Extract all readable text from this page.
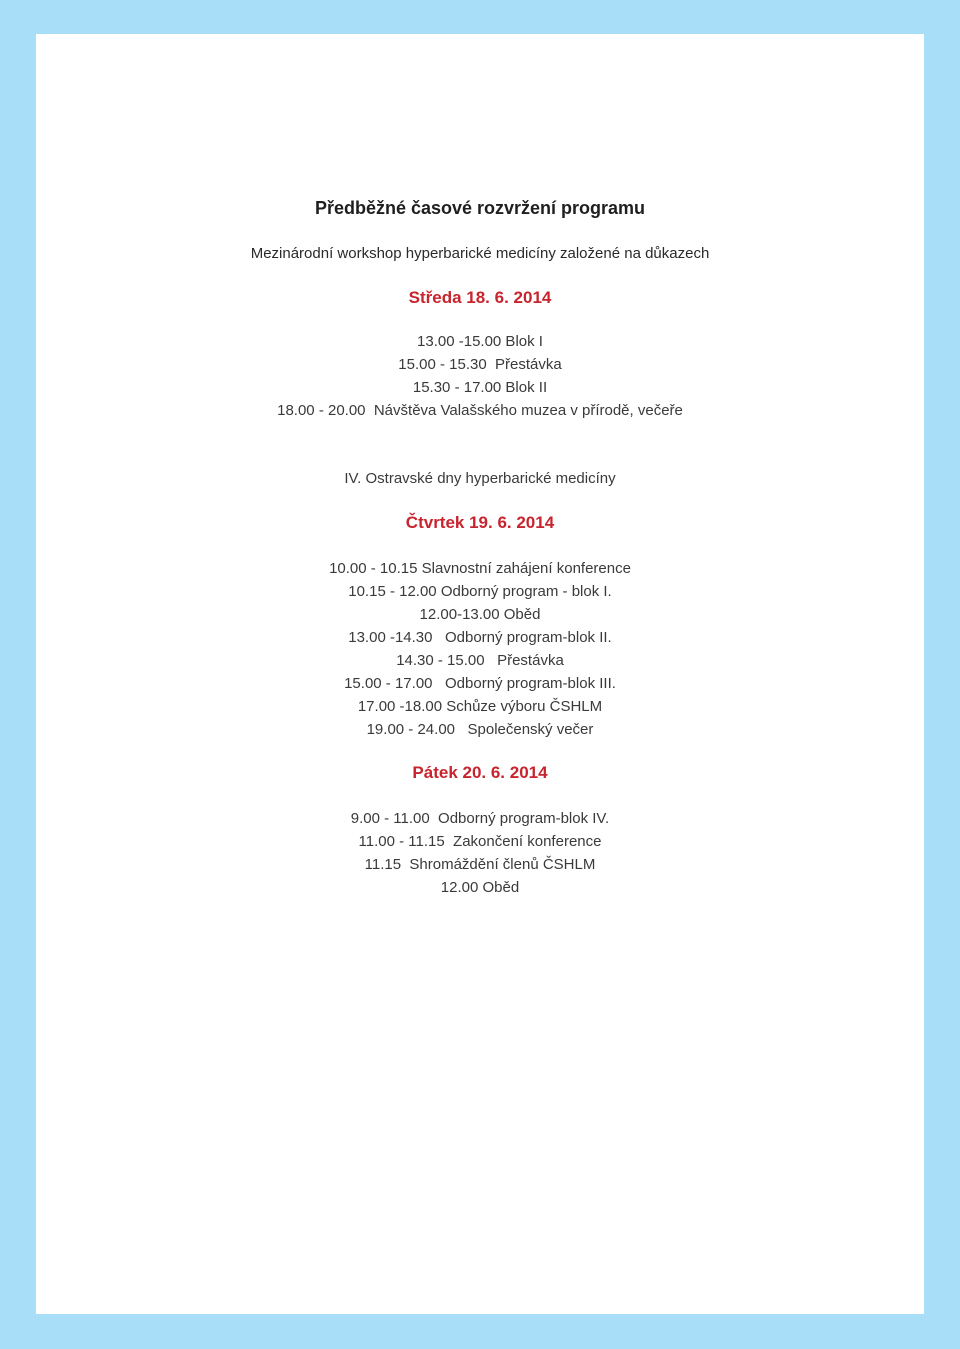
Předběžné časové rozvržení programu
Mezinárodní workshop hyperbarické medicíny založené na důkazech
Středa 18. 6. 2014
13.00 -15.00 Blok I
15.00 - 15.30  Přestávka
15.30 - 17.00 Blok II
18.00 - 20.00  Návštěva Valašského muzea v přírodě, večeře
IV. Ostravské dny hyperbarické medicíny
Čtvrtek 19. 6. 2014
10.00 - 10.15 Slavnostní zahájení konference
10.15 - 12.00 Odborný program - blok I.
12.00-13.00 Oběd
13.00 -14.30   Odborný program-blok II.
14.30 - 15.00   Přestávka
15.00 - 17.00   Odborný program-blok III.
17.00 -18.00 Schůze výboru ČSHLM
19.00 - 24.00   Společenský večer
Pátek 20. 6. 2014
9.00 - 11.00  Odborný program-blok IV.
11.00 - 11.15  Zakončení konference
11.15  Shromáždění členů ČSHLM
12.00 Oběd
